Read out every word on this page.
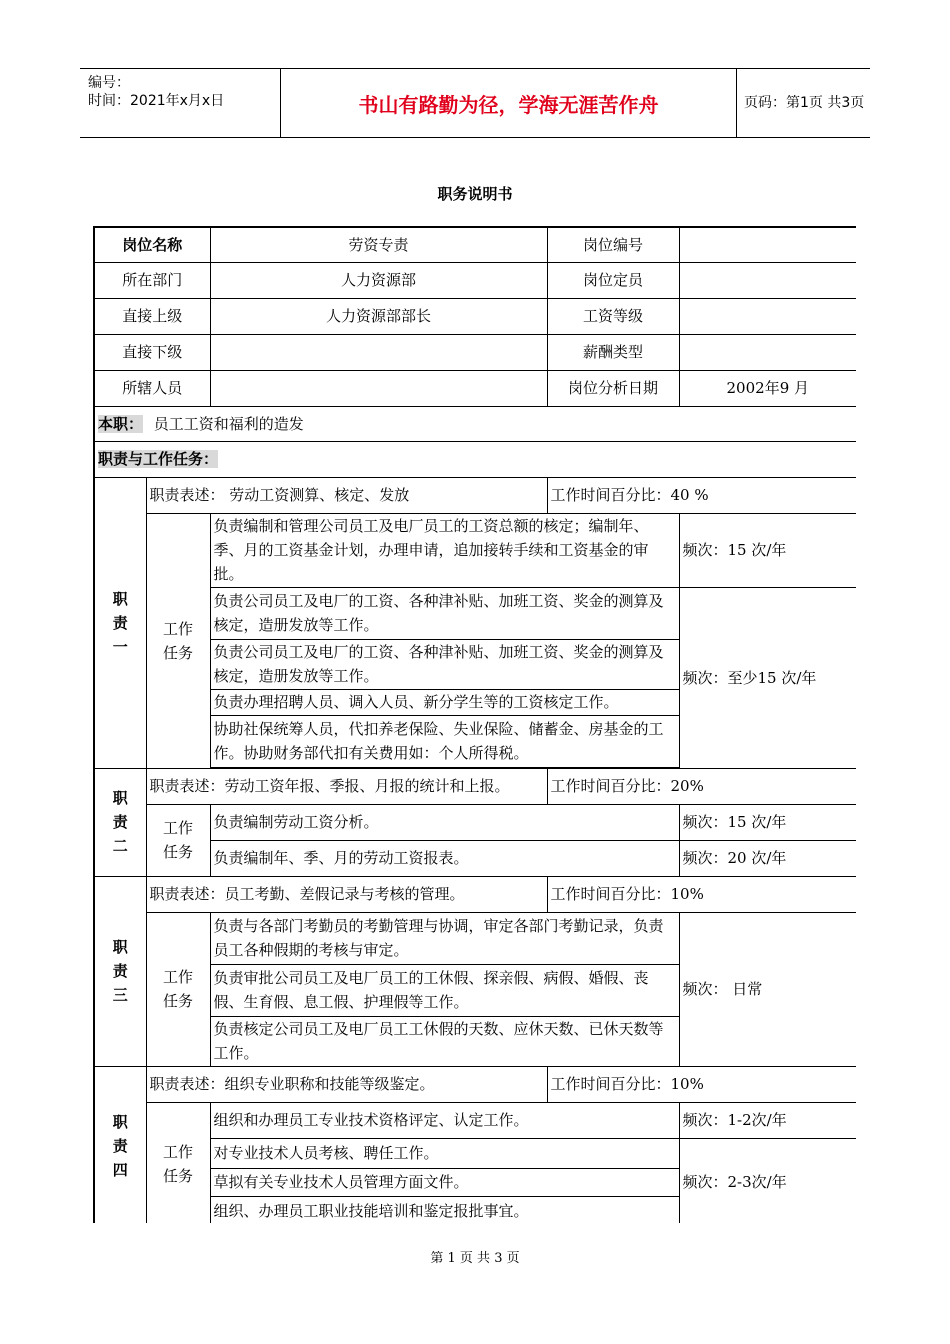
编号：
时间：2021年x月x日	书山有路勤为径，学海无涯苦作舟	页码：第1页 共3页
职务说明书
岗位名称		劳资专责	岗位编号	
所在部门		人力资源部	岗位定员	
直接上级		人力资源部部长	工资等级	
直接下级			薪酬类型	
所辖人员			岗位分析日期	2002年9 月
本职： 员工工资和福利的造发				
职责与工作任务：				
职责一	职责表述： 劳动工资测算、核定、发放		工作时间百分比：40 %	
	工作任务	负责编制和管理公司员工及电厂员工的工资总额的核定；编制年、季、月的工资基金计划，办理申请，追加接转手续和工资基金的审批。		频次：15 次/年
		负责公司员工及电厂的工资、各种津补贴、加班工资、奖金的测算及核定，造册发放等工作。		频次：至少15 次/年
		负责公司员工及电厂的工资、各种津补贴、加班工资、奖金的测算及核定，造册发放等工作。		
		负责办理招聘人员、调入人员、新分学生等的工资核定工作。		
		协助社保统筹人员，代扣养老保险、失业保险、储蓄金、房基金的工作。协助财务部代扣有关费用如：个人所得税。		

职责二	职责表述：劳动工资年报、季报、月报的统计和上报。		工作时间百分比：20%	
	工作任务	负责编制劳动工资分析。		频次：15 次/年
		负责编制年、季、月的劳动工资报表。		频次：20 次/年
职责三	职责表述：员工考勤、差假记录与考核的管理。		工作时间百分比：10%	
	工作任务	负责与各部门考勤员的考勤管理与协调，审定各部门考勤记录，负责员工各种假期的考核与审定。		频次： 日常
		负责审批公司员工及电厂员工的工休假、探亲假、病假、婚假、丧假、生育假、息工假、护理假等工作。		
		负责核定公司员工及电厂员工工休假的天数、应休天数、已休天数等工作。		
职责四	职责表述：组织专业职称和技能等级鉴定。		工作时间百分比：10%	
	工作任务	组织和办理员工专业技术资格评定、认定工作。		频次：1-2次/年
		对专业技术人员考核、聘任工作。		频次：2-3次/年
		草拟有关专业技术人员管理方面文件。		
		组织、办理员工职业技能培训和鉴定报批事宜。		
第 1 页 共 3 页
